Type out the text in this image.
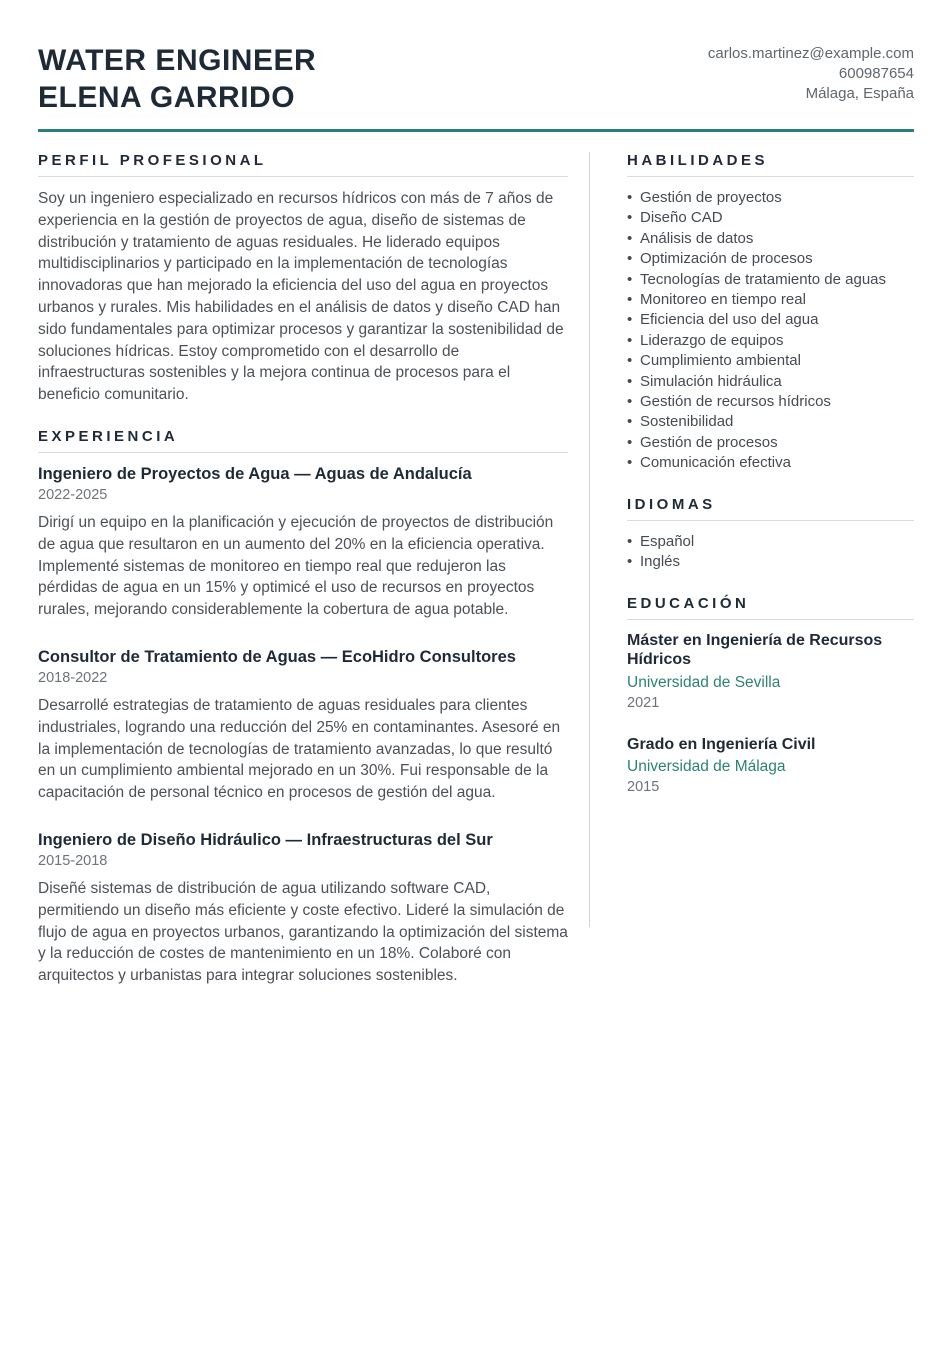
WATER ENGINEER
ELENA GARRIDO
carlos.martinez@example.com
600987654
Málaga, España
PERFIL PROFESIONAL

Soy un ingeniero especializado en recursos hídricos con más de 7 años de experiencia en la gestión de proyectos de agua, diseño de sistemas de distribución y tratamiento de aguas residuales. He liderado equipos multidisciplinarios y participado en la implementación de tecnologías innovadoras que han mejorado la eficiencia del uso del agua en proyectos urbanos y rurales. Mis habilidades en el análisis de datos y diseño CAD han sido fundamentales para optimizar procesos y garantizar la sostenibilidad de soluciones hídricas. Estoy comprometido con el desarrollo de infraestructuras sostenibles y la mejora continua de procesos para el beneficio comunitario.

EXPERIENCIA
Ingeniero de Proyectos de Agua — Aguas de Andalucía
2022-2025

Dirigí un equipo en la planificación y ejecución de proyectos de distribución de agua que resultaron en un aumento del 20% en la eficiencia operativa. Implementé sistemas de monitoreo en tiempo real que redujeron las pérdidas de agua en un 15% y optimicé el uso de recursos en proyectos rurales, mejorando considerablemente la cobertura de agua potable.

Consultor de Tratamiento de Aguas — EcoHidro Consultores
2018-2022

Desarrollé estrategias de tratamiento de aguas residuales para clientes industriales, logrando una reducción del 25% en contaminantes. Asesoré en la implementación de tecnologías de tratamiento avanzadas, lo que resultó en un cumplimiento ambiental mejorado en un 30%. Fui responsable de la capacitación de personal técnico en procesos de gestión del agua.

Ingeniero de Diseño Hidráulico — Infraestructuras del Sur
2015-2018

Diseñé sistemas de distribución de agua utilizando software CAD, permitiendo un diseño más eficiente y coste efectivo. Lideré la simulación de flujo de agua en proyectos urbanos, garantizando la optimización del sistema y la reducción de costes de mantenimiento en un 18%. Colaboré con arquitectos y urbanistas para integrar soluciones sostenibles.

HABILIDADES
• Gestión de proyectos
• Diseño CAD
• Análisis de datos
• Optimización de procesos
• Tecnologías de tratamiento de aguas
• Monitoreo en tiempo real
• Eficiencia del uso del agua
• Liderazgo de equipos
• Cumplimiento ambiental
• Simulación hidráulica
• Gestión de recursos hídricos
• Sostenibilidad
• Gestión de procesos
• Comunicación efectiva
IDIOMAS
• Español
• Inglés
EDUCACIÓN
Máster en Ingeniería de Recursos Hídricos
Universidad de Sevilla
2021
Grado en Ingeniería Civil
Universidad de Málaga
2015
